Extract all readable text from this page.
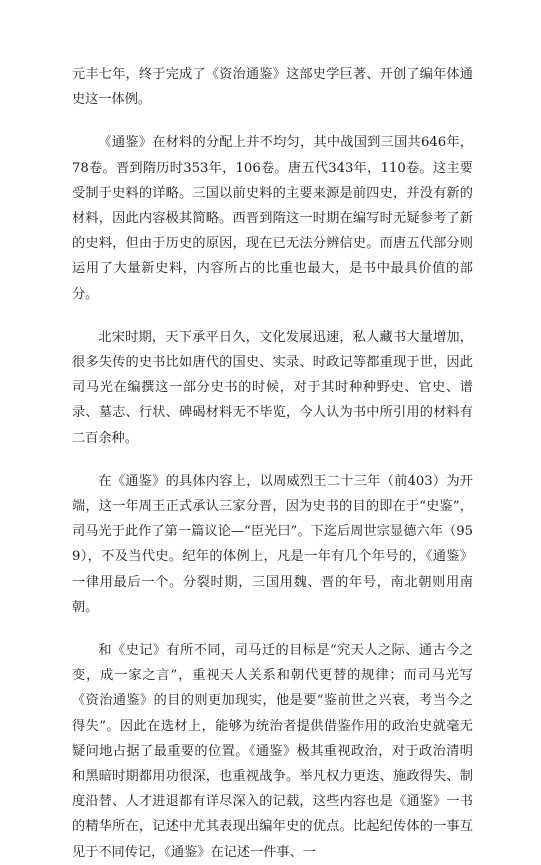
元丰七年，终于完成了《资治通鉴》这部史学巨著、开创了编年体通史这一体例。

《通鉴》在材料的分配上并不均匀，其中战国到三国共646年，78卷。晋到隋历时353年，106卷。唐五代343年，110卷。这主要受制于史料的详略。三国以前史料的主要来源是前四史，并没有新的材料，因此内容极其简略。西晋到隋这一时期在编写时无疑参考了新的史料，但由于历史的原因，现在已无法分辨信史。而唐五代部分则运用了大量新史料，内容所占的比重也最大，是书中最具价值的部分。

北宋时期，天下承平日久，文化发展迅速，私人藏书大量增加，很多失传的史书比如唐代的国史、实录、时政记等都重现于世，因此司马光在编撰这一部分史书的时候，对于其时种种野史、官史、谱录、墓志、行状、碑碣材料无不毕览，今人认为书中所引用的材料有二百余种。

在《通鉴》的具体内容上，以周威烈王二十三年（前403）为开端，这一年周王正式承认三家分晋，因为史书的目的即在于“史鉴”，司马光于此作了第一篇议论—“臣光曰”。下迄后周世宗显德六年（959），不及当代史。纪年的体例上，凡是一年有几个年号的，《通鉴》一律用最后一个。分裂时期，三国用魏、晋的年号，南北朝则用南朝。

和《史记》有所不同，司马迁的目标是“究天人之际、通古今之变，成一家之言”，重视天人关系和朝代更替的规律；而司马光写《资治通鉴》的目的则更加现实，他是要“鉴前世之兴衰，考当今之得失”。因此在选材上，能够为统治者提供借鉴作用的政治史就毫无疑问地占据了最重要的位置。《通鉴》极其重视政治，对于政治清明和黑暗时期都用功很深，也重视战争。举凡权力更迭、施政得失、制度沿替、人才进退都有详尽深入的记载，这些内容也是《通鉴》一书的精华所在，记述中尤其表现出编年史的优点。比起纪传体的一事互见于不同传记，《通鉴》在记述一件事、一
